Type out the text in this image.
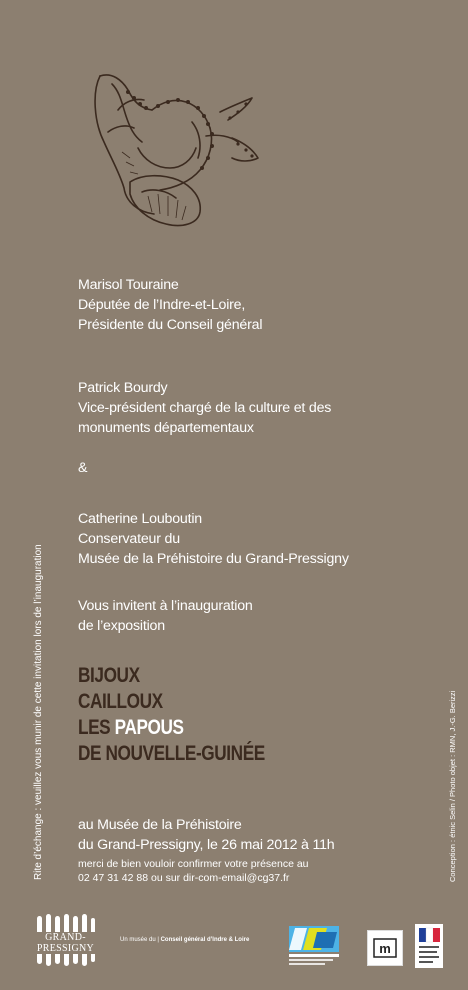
Marisol Touraine
Députée de l’Indre-et-Loire,
Présidente du Conseil général
Patrick Bourdy
Vice-président chargé de la culture et des
monuments départementaux
&
Catherine Louboutin
Conservateur du
Musée de la Préhistoire du Grand-Pressigny
Vous invitent à l’inauguration
de l’exposition
BIJOUX
CAILLOUX
LES PAPOUS
DE NOUVELLE-GUINÉE
au Musée de la Préhistoire
du Grand-Pressigny, le 26 mai 2012 à 11h
merci de bien vouloir confirmer votre présence au
02 47 31 42 88 ou sur dir-com-email@cg37.fr
Rite d’échange : veuillez vous munir de cette invitation lors de l’inauguration	Conception : étnic Selin / Photo objet : RMN, J.-G. Berizzi
GRAND-PRESSIGNY
Un musée du | Conseil général d’Indre & Loire
m
